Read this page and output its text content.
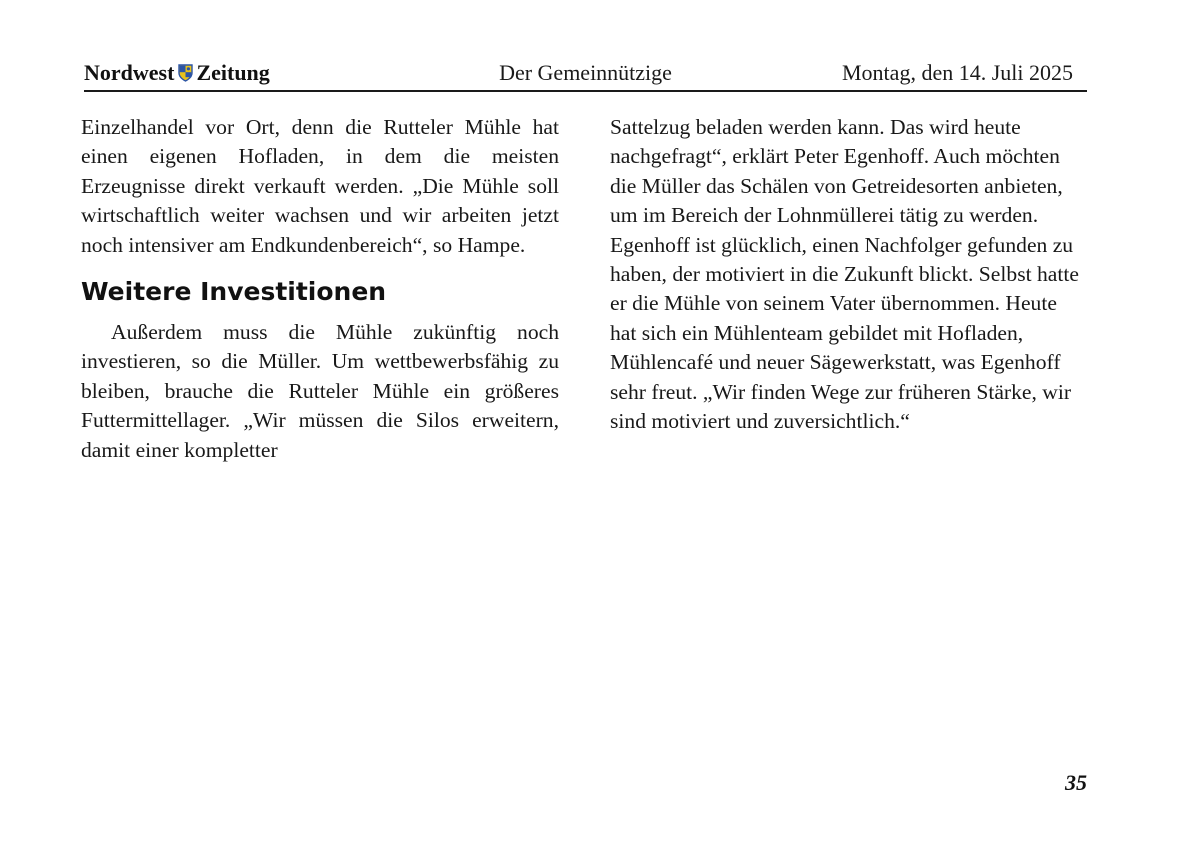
Nordwest Zeitung	Der Gemeinnützige	Montag, den 14. Juli 2025

Einzelhandel vor Ort, denn die Rutteler Mühle hat einen eigenen Hofladen, in dem die meisten Erzeugnisse direkt verkauft werden. „Die Mühle soll wirtschaftlich weiter wachsen und wir arbeiten jetzt noch intensiver am Endkundenbereich“, so Hampe.

Weitere Investitionen

Außerdem muss die Mühle zukünftig noch investieren, so die Müller. Um wettbewerbsfähig zu bleiben, brauche die Rutteler Mühle ein größeres Futtermittellager. „Wir müssen die Silos erweitern, damit einer kompletter

Sattelzug beladen werden kann. Das wird heute nachgefragt“, erklärt Peter Egenhoff. Auch möchten die Müller das Schälen von Getreidesorten anbieten, um im Bereich der Lohnmüllerei tätig zu werden. Egenhoff ist glücklich, einen Nachfolger gefunden zu haben, der motiviert in die Zukunft blickt. Selbst hatte er die Mühle von seinem Vater übernommen. Heute hat sich ein Mühlenteam gebildet mit Hofladen, Mühlencafé und neuer Sägewerkstatt, was Egenhoff sehr freut. „Wir finden Wege zur früheren Stärke, wir sind motiviert und zuversichtlich.“

35
